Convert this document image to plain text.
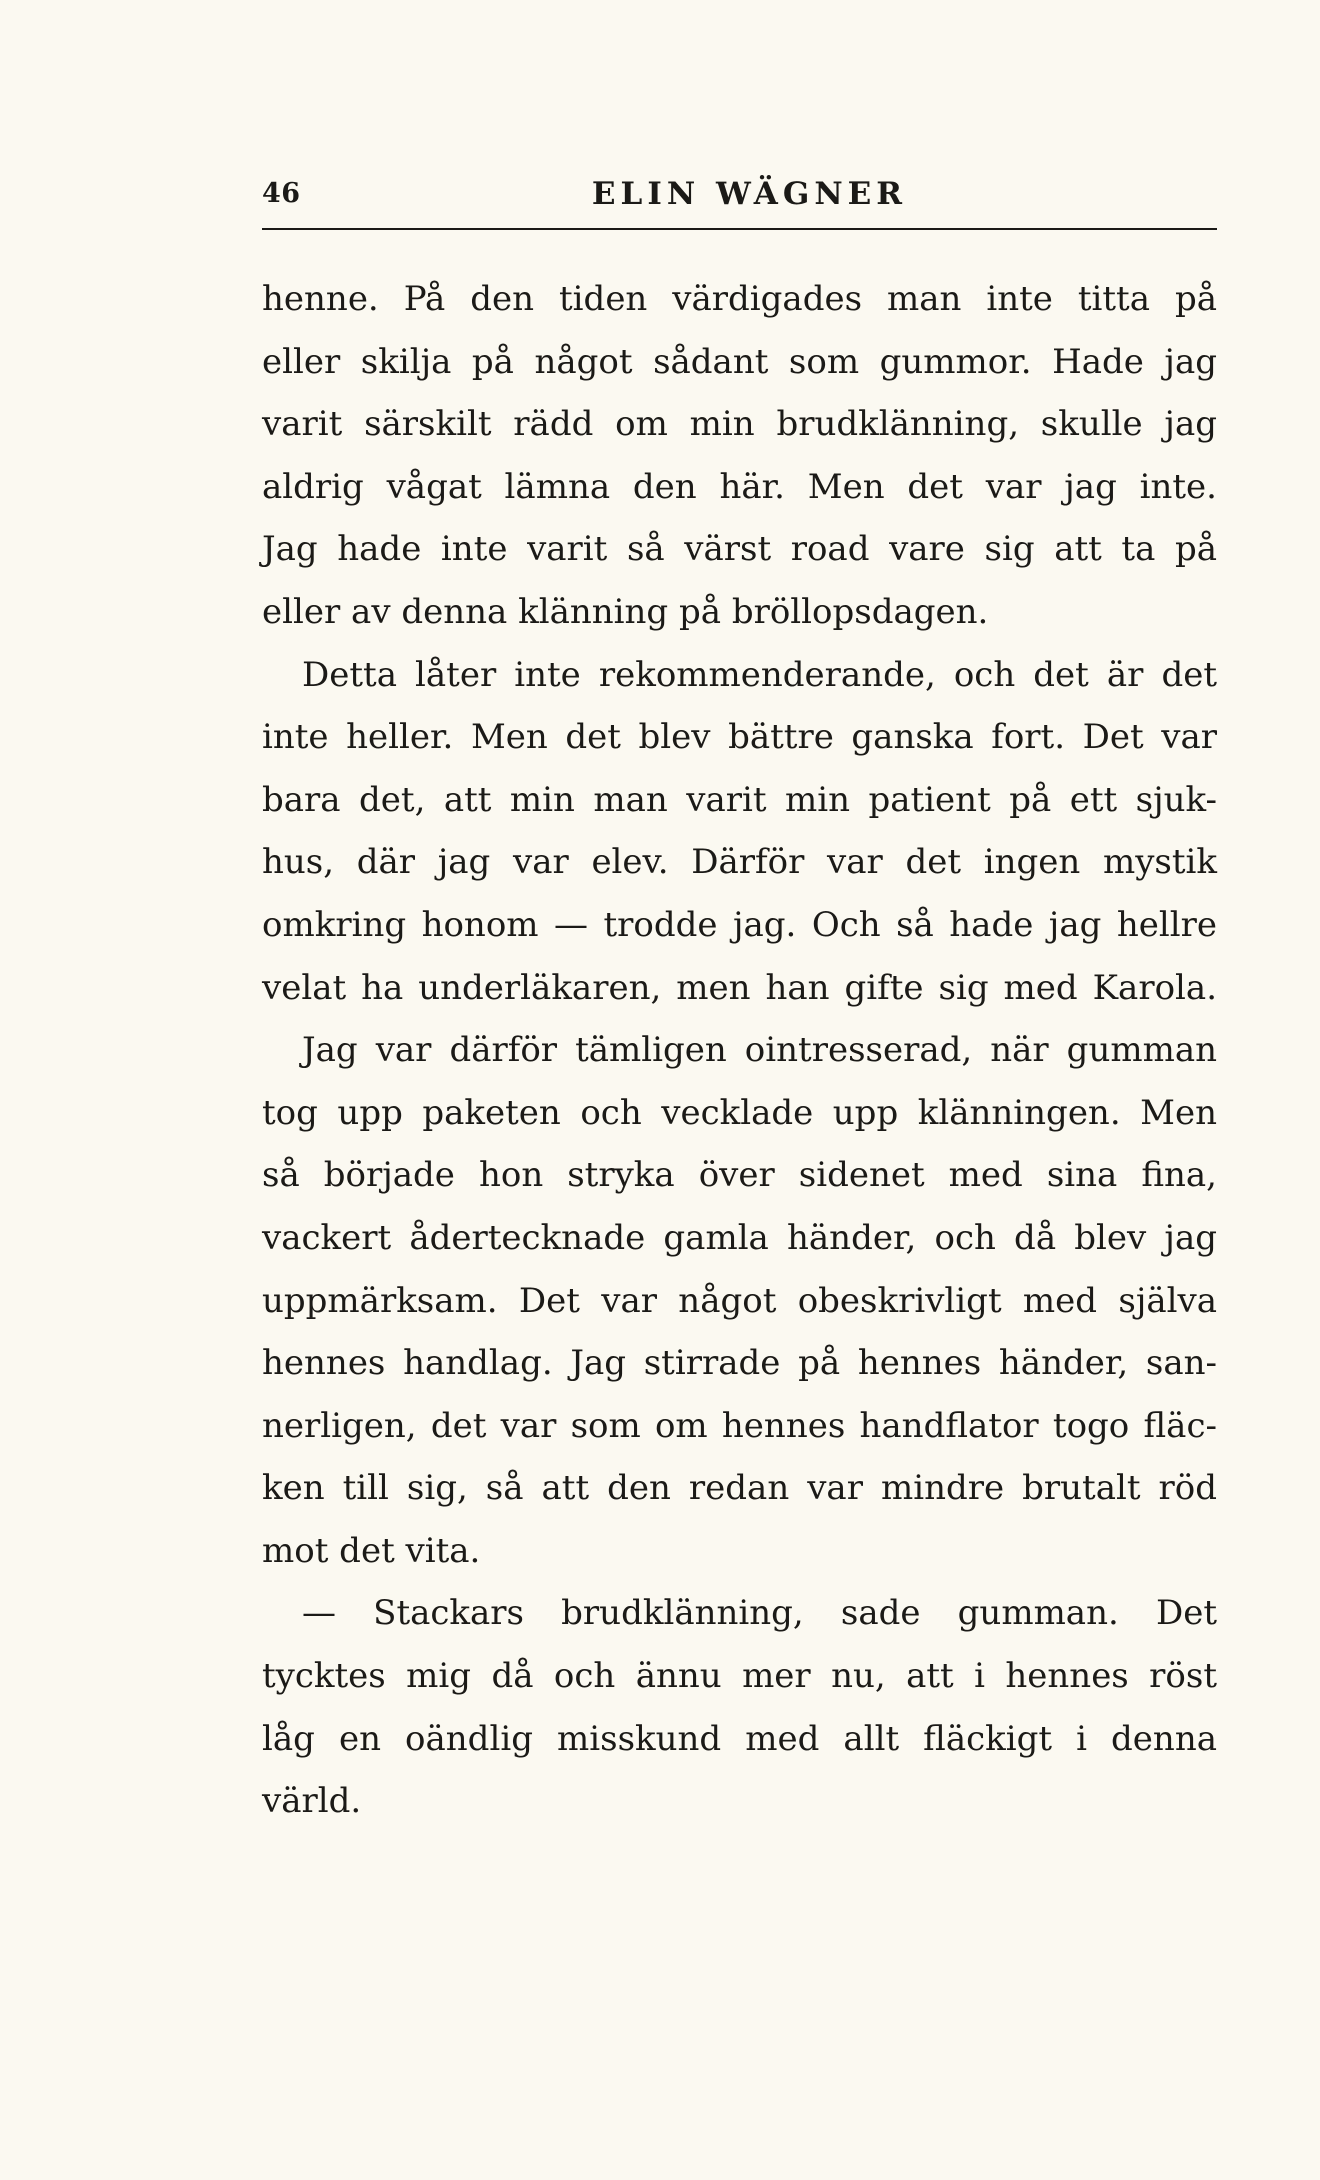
46	ELIN WÄGNER
henne. På den tiden värdigades man inte titta på
eller skilja på något sådant som gummor. Hade jag
varit särskilt rädd om min brudklänning, skulle jag
aldrig vågat lämna den här. Men det var jag inte.
Jag hade inte varit så värst road vare sig att ta på
eller av denna klänning på bröllopsdagen.
Detta låter inte rekommenderande, och det är det
inte heller. Men det blev bättre ganska fort. Det var
bara det, att min man varit min patient på ett sjuk-
hus, där jag var elev. Därför var det ingen mystik
omkring honom — trodde jag. Och så hade jag hellre
velat ha underläkaren, men han gifte sig med Karola.
Jag var därför tämligen ointresserad, när gumman
tog upp paketen och vecklade upp klänningen. Men
så började hon stryka över sidenet med sina fina,
vackert ådertecknade gamla händer, och då blev jag
uppmärksam. Det var något obeskrivligt med själva
hennes handlag. Jag stirrade på hennes händer, san-
nerligen, det var som om hennes handflator togo fläc-
ken till sig, så att den redan var mindre brutalt röd
mot det vita.
— Stackars brudklänning, sade gumman. Det
tycktes mig då och ännu mer nu, att i hennes röst
låg en oändlig misskund med allt fläckigt i denna
värld.
